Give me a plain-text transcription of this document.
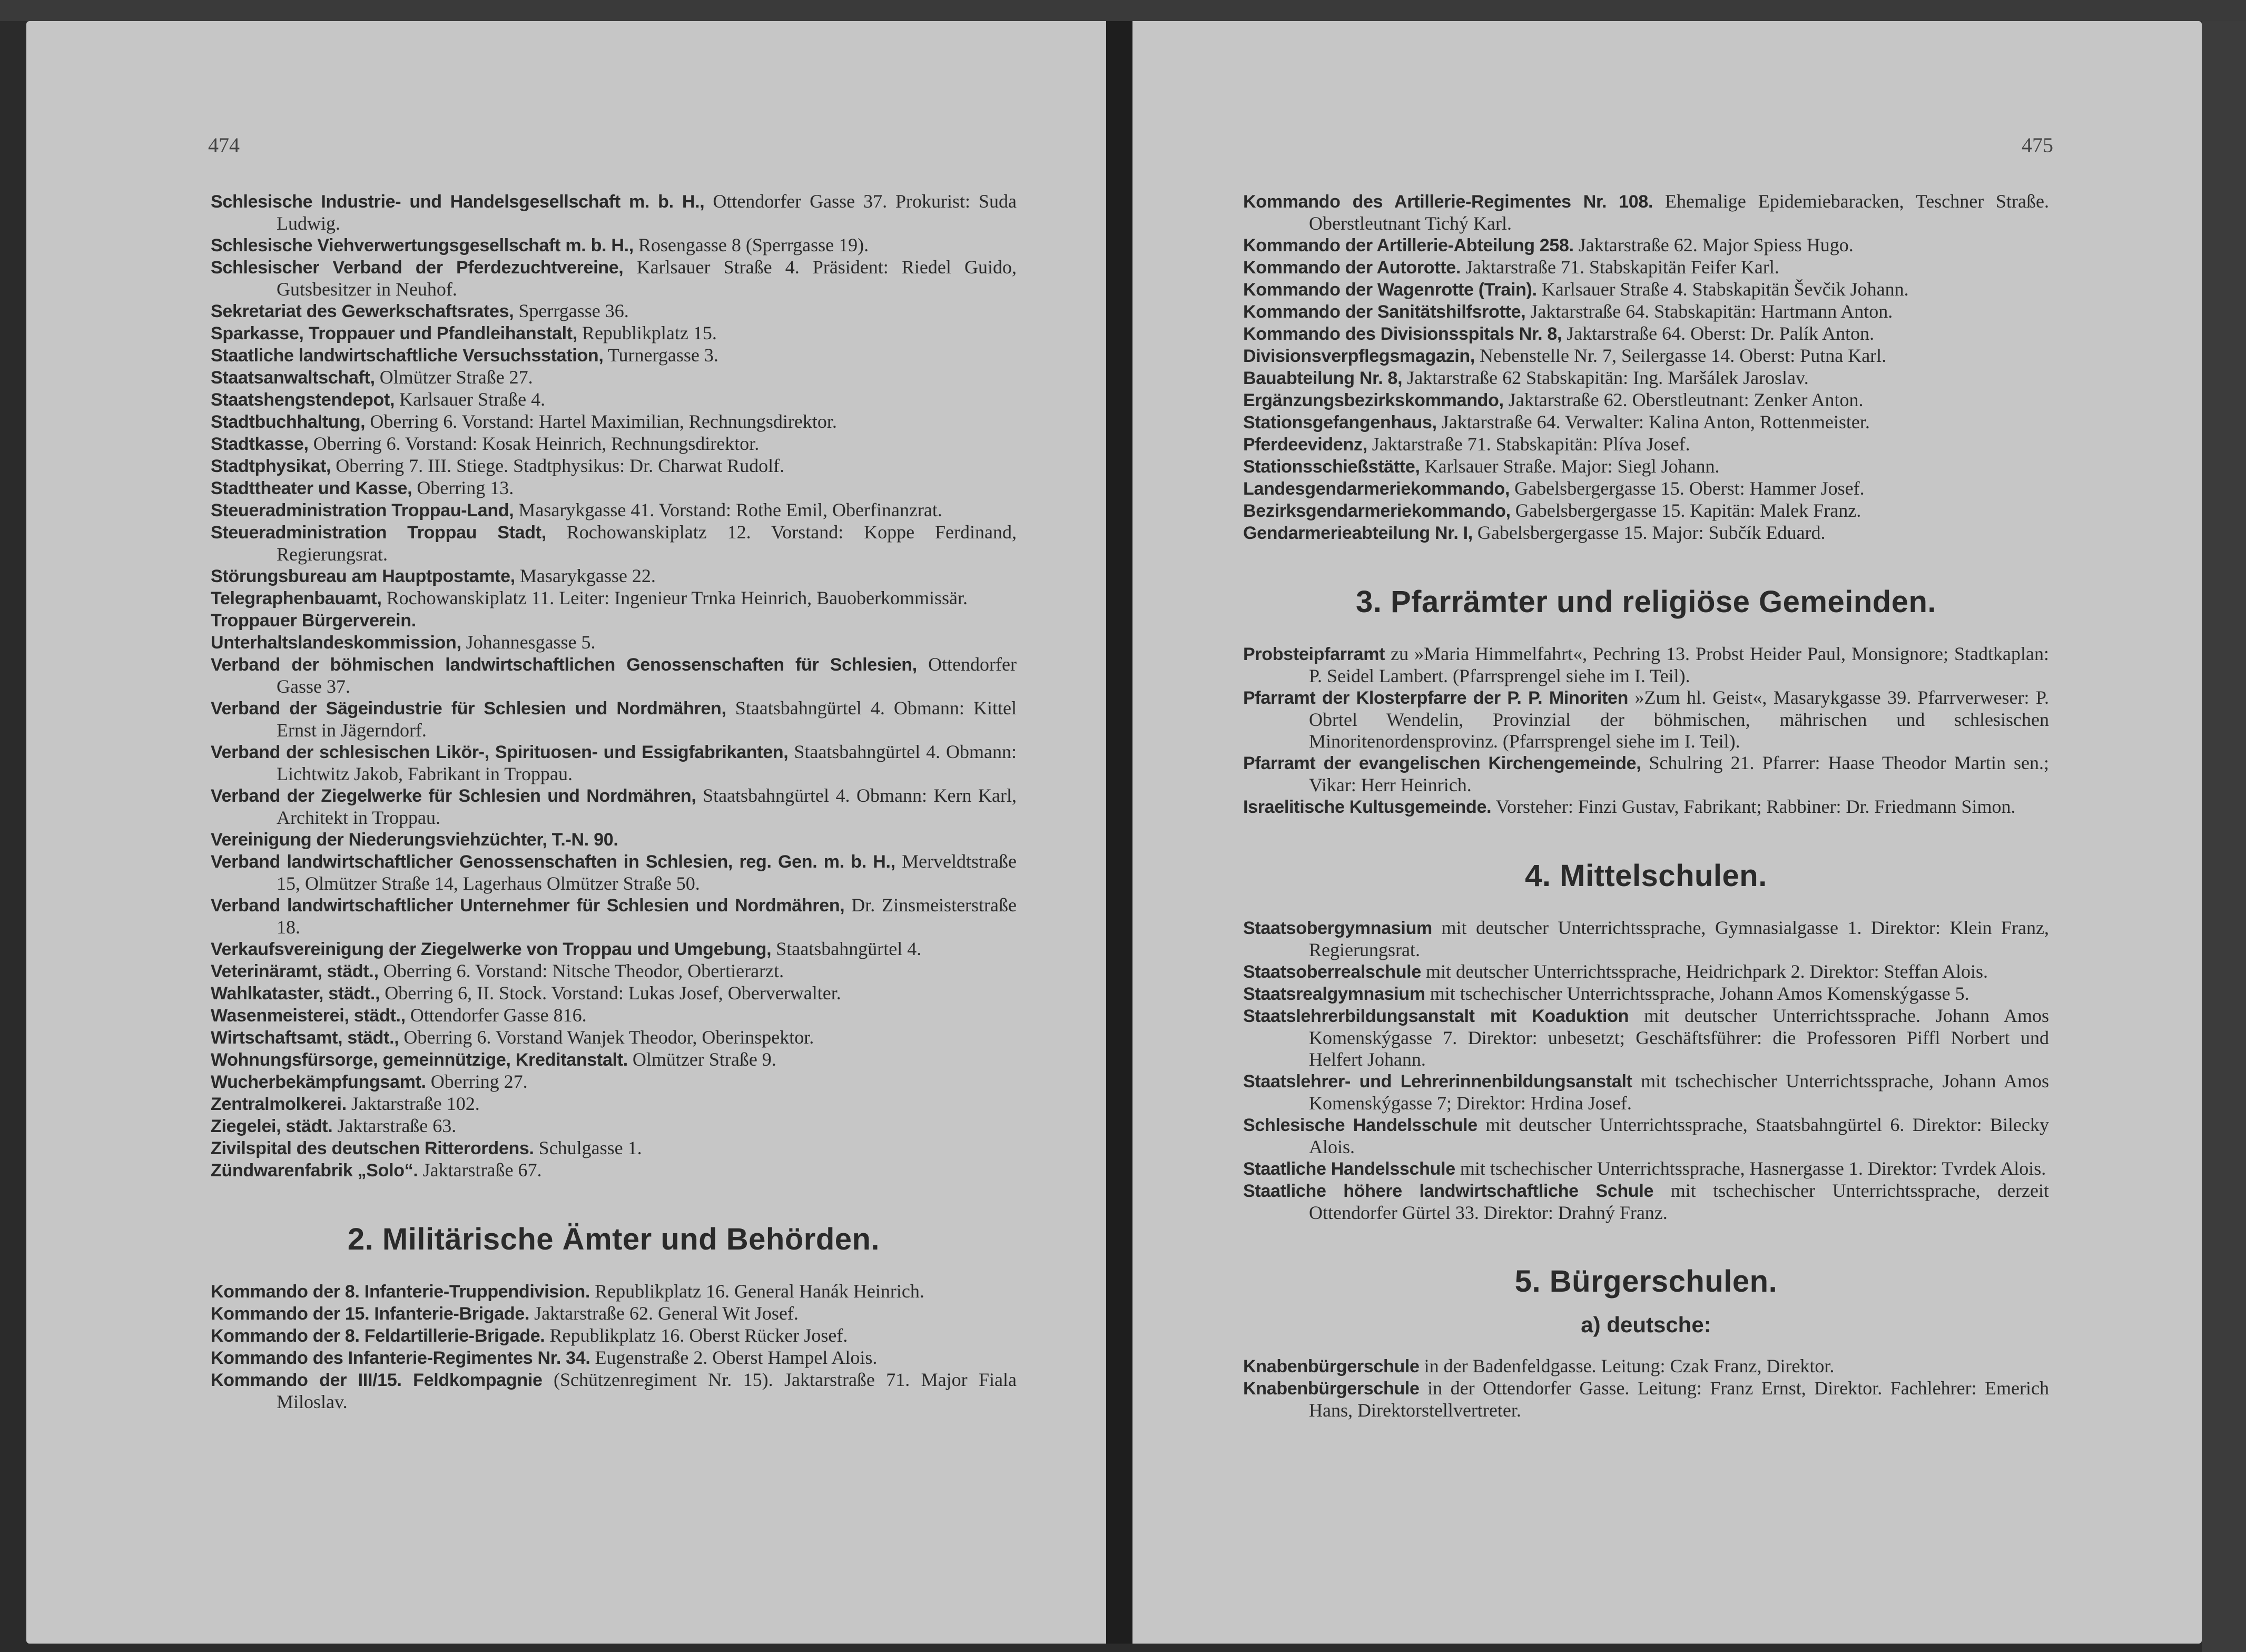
474
Schlesische Industrie- und Handelsgesellschaft m. b. H., Ottendorfer Gasse 37. Prokurist: Suda Ludwig.
Schlesische Viehverwertungsgesellschaft m. b. H., Rosengasse 8 (Sperrgasse 19).
Schlesischer Verband der Pferdezuchtvereine, Karlsauer Straße 4. Präsident: Riedel Guido, Gutsbesitzer in Neuhof.
Sekretariat des Gewerkschaftsrates, Sperrgasse 36.
Sparkasse, Troppauer und Pfandleihanstalt, Republikplatz 15.
Staatliche landwirtschaftliche Versuchsstation, Turnergasse 3.
Staatsanwaltschaft, Olmützer Straße 27.
Staatshengstendepot, Karlsauer Straße 4.
Stadtbuchhaltung, Oberring 6. Vorstand: Hartel Maximilian, Rechnungsdirektor.
Stadtkasse, Oberring 6. Vorstand: Kosak Heinrich, Rechnungsdirektor.
Stadtphysikat, Oberring 7. III. Stiege. Stadtphysikus: Dr. Charwat Rudolf.
Stadttheater und Kasse, Oberring 13.
Steueradministration Troppau-Land, Masarykgasse 41. Vorstand: Rothe Emil, Oberfinanzrat.
Steueradministration Troppau Stadt, Rochowanskiplatz 12. Vorstand: Koppe Ferdinand, Regierungsrat.
Störungsbureau am Hauptpostamte, Masarykgasse 22.
Telegraphenbauamt, Rochowanskiplatz 11. Leiter: Ingenieur Trnka Heinrich, Bauoberkommissär.
Troppauer Bürgerverein.
Unterhaltslandeskommission, Johannesgasse 5.
Verband der böhmischen landwirtschaftlichen Genossenschaften für Schlesien, Ottendorfer Gasse 37.
Verband der Sägeindustrie für Schlesien und Nordmähren, Staatsbahngürtel 4. Obmann: Kittel Ernst in Jägerndorf.
Verband der schlesischen Likör-, Spirituosen- und Essigfabrikanten, Staatsbahngürtel 4. Obmann: Lichtwitz Jakob, Fabrikant in Troppau.
Verband der Ziegelwerke für Schlesien und Nordmähren, Staatsbahngürtel 4. Obmann: Kern Karl, Architekt in Troppau.
Vereinigung der Niederungsviehzüchter, T.-N. 90.
Verband landwirtschaftlicher Genossenschaften in Schlesien, reg. Gen. m. b. H., Merveldtstraße 15, Olmützer Straße 14, Lagerhaus Olmützer Straße 50.
Verband landwirtschaftlicher Unternehmer für Schlesien und Nordmähren, Dr. Zinsmeisterstraße 18.
Verkaufsvereinigung der Ziegelwerke von Troppau und Umgebung, Staatsbahngürtel 4.
Veterinäramt, städt., Oberring 6. Vorstand: Nitsche Theodor, Obertierarzt.
Wahlkataster, städt., Oberring 6, II. Stock. Vorstand: Lukas Josef, Oberverwalter.
Wasenmeisterei, städt., Ottendorfer Gasse 816.
Wirtschaftsamt, städt., Oberring 6. Vorstand Wanjek Theodor, Oberinspektor.
Wohnungsfürsorge, gemeinnützige, Kreditanstalt. Olmützer Straße 9.
Wucherbekämpfungsamt. Oberring 27.
Zentralmolkerei. Jaktarstraße 102.
Ziegelei, städt. Jaktarstraße 63.
Zivilspital des deutschen Ritterordens. Schulgasse 1.
Zündwarenfabrik „Solo“. Jaktarstraße 67.
2. Militärische Ämter und Behörden.
Kommando der 8. Infanterie-Truppendivision. Republikplatz 16. General Hanák Heinrich.
Kommando der 15. Infanterie-Brigade. Jaktarstraße 62. General Wit Josef.
Kommando der 8. Feldartillerie-Brigade. Republikplatz 16. Oberst Rücker Josef.
Kommando des Infanterie-Regimentes Nr. 34. Eugenstraße 2. Oberst Hampel Alois.
Kommando der III/15. Feldkompagnie (Schützenregiment Nr. 15). Jaktarstraße 71. Major Fiala Miloslav.
475
Kommando des Artillerie-Regimentes Nr. 108. Ehemalige Epidemiebaracken, Teschner Straße. Oberstleutnant Tichý Karl.
Kommando der Artillerie-Abteilung 258. Jaktarstraße 62. Major Spiess Hugo.
Kommando der Autorotte. Jaktarstraße 71. Stabskapitän Feifer Karl.
Kommando der Wagenrotte (Train). Karlsauer Straße 4. Stabskapitän Ševčik Johann.
Kommando der Sanitätshilfsrotte, Jaktarstraße 64. Stabskapitän: Hartmann Anton.
Kommando des Divisionsspitals Nr. 8, Jaktarstraße 64. Oberst: Dr. Palík Anton.
Divisionsverpflegsmagazin, Nebenstelle Nr. 7, Seilergasse 14. Oberst: Putna Karl.
Bauabteilung Nr. 8, Jaktarstraße 62 Stabskapitän: Ing. Maršálek Jaroslav.
Ergänzungsbezirkskommando, Jaktarstraße 62. Oberstleutnant: Zenker Anton.
Stationsgefangenhaus, Jaktarstraße 64. Verwalter: Kalina Anton, Rottenmeister.
Pferdeevidenz, Jaktarstraße 71. Stabskapitän: Plíva Josef.
Stationsschießstätte, Karlsauer Straße. Major: Siegl Johann.
Landesgendarmeriekommando, Gabelsbergergasse 15. Oberst: Hammer Josef.
Bezirksgendarmeriekommando, Gabelsbergergasse 15. Kapitän: Malek Franz.
Gendarmerieabteilung Nr. I, Gabelsbergergasse 15. Major: Subčík Eduard.
3. Pfarrämter und religiöse Gemeinden.
Probsteipfarramt zu »Maria Himmelfahrt«, Pechring 13. Probst Heider Paul, Monsignore; Stadtkaplan: P. Seidel Lambert. (Pfarrsprengel siehe im I. Teil).
Pfarramt der Klosterpfarre der P. P. Minoriten »Zum hl. Geist«, Masarykgasse 39. Pfarrverweser: P. Obrtel Wendelin, Provinzial der böhmischen, mährischen und schlesischen Minoritenordensprovinz. (Pfarrsprengel siehe im I. Teil).
Pfarramt der evangelischen Kirchengemeinde, Schulring 21. Pfarrer: Haase Theodor Martin sen.; Vikar: Herr Heinrich.
Israelitische Kultusgemeinde. Vorsteher: Finzi Gustav, Fabrikant; Rabbiner: Dr. Friedmann Simon.
4. Mittelschulen.
Staatsobergymnasium mit deutscher Unterrichtssprache, Gymnasialgasse 1. Direktor: Klein Franz, Regierungsrat.
Staatsoberrealschule mit deutscher Unterrichtssprache, Heidrichpark 2. Direktor: Steffan Alois.
Staatsrealgymnasium mit tschechischer Unterrichtssprache, Johann Amos Komenskýgasse 5.
Staatslehrerbildungsanstalt mit Koaduktion mit deutscher Unterrichtssprache. Johann Amos Komenskýgasse 7. Direktor: unbesetzt; Geschäftsführer: die Professoren Piffl Norbert und Helfert Johann.
Staatslehrer- und Lehrerinnenbildungsanstalt mit tschechischer Unterrichtssprache, Johann Amos Komenskýgasse 7; Direktor: Hrdina Josef.
Schlesische Handelsschule mit deutscher Unterrichtssprache, Staatsbahngürtel 6. Direktor: Bilecky Alois.
Staatliche Handelsschule mit tschechischer Unterrichtssprache, Hasnergasse 1. Direktor: Tvrdek Alois.
Staatliche höhere landwirtschaftliche Schule mit tschechischer Unterrichtssprache, derzeit Ottendorfer Gürtel 33. Direktor: Drahný Franz.
5. Bürgerschulen.
a) deutsche:
Knabenbürgerschule in der Badenfeldgasse. Leitung: Czak Franz, Direktor.
Knabenbürgerschule in der Ottendorfer Gasse. Leitung: Franz Ernst, Direktor. Fachlehrer: Emerich Hans, Direktorstellvertreter.
